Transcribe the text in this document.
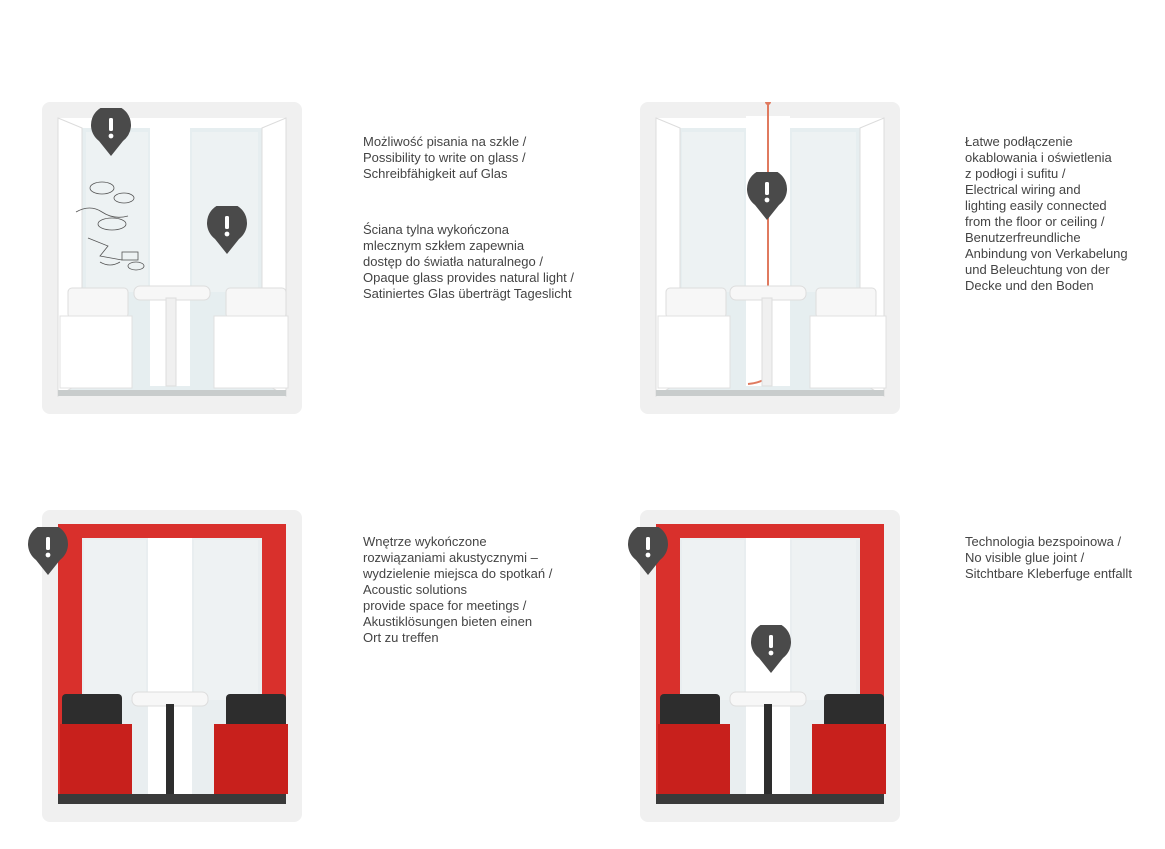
Możliwość pisania na szkle /
Possibility to write on glass /
Schreibfähigkeit auf Glas

Ściana tylna wykończona
mlecznym szkłem zapewnia
dostęp do światła naturalnego /
Opaque glass provides natural light /
Satiniertes Glas überträgt Tageslicht

Łatwe podłączenie
okablowania i oświetlenia
z podłogi i sufitu /
Electrical wiring and
lighting easily connected
from the floor or ceiling /
Benutzerfreundliche
Anbindung von Verkabelung
und Beleuchtung von der
Decke und den Boden

Wnętrze wykończone
rozwiązaniami akustycznymi –
wydzielenie miejsca do spotkań /
Acoustic solutions
provide space for meetings /
Akustiklösungen bieten einen
Ort zu treffen

Technologia bezspoinowa /
No visible glue joint /
Sitchtbare Kleberfuge entfallt
